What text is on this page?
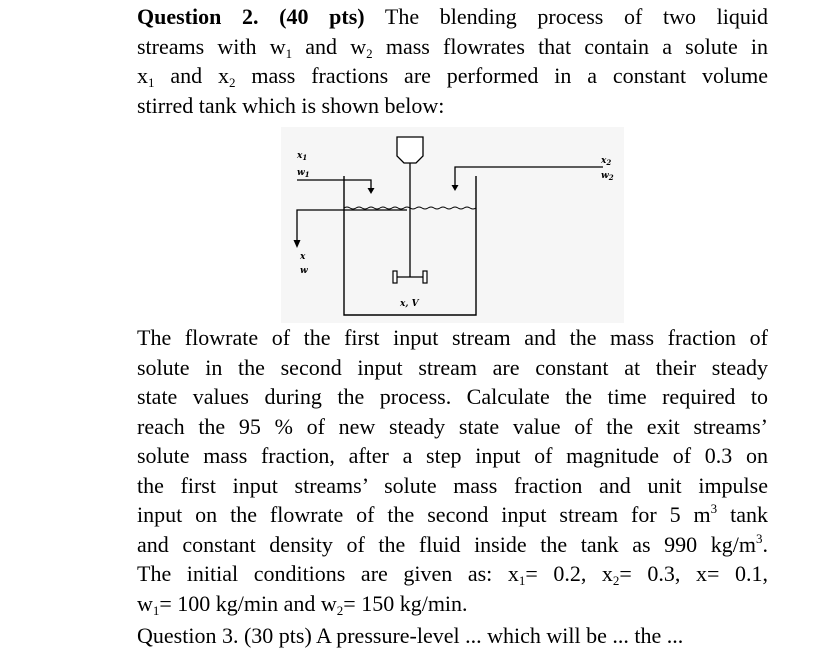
Question 2. (40 pts) The blending process of two liquid
streams with $w_1$ and $w_2$ mass flowrates that contain a solute in
$x_1$ and $x_2$ mass fractions are performed in a constant volume
stirred tank which is shown below:
$x_1$
$w_1$
$x_2$
$w_2$
x
w
x, V
The flowrate of the first input stream and the mass fraction of
solute in the second input stream are constant at their steady
state values during the process. Calculate the time required to
reach the 95 % of new steady state value of the exit streams’
solute mass fraction, after a step input of magnitude of 0.3 on
the first input streams’ solute mass fraction and unit impulse
input on the flowrate of the second input stream for 5 $m^3$ tank
and constant density of the fluid inside the tank as 990 $kg/m^3$.
The initial conditions are given as: $x_1= 0.2$, $x_2= 0.3$, x= 0.1,
$w_1= 100$ kg/min and $w_2= 150$ kg/min.
Question 3. (30 pts) A pressure-level ... which will be ... the ...
